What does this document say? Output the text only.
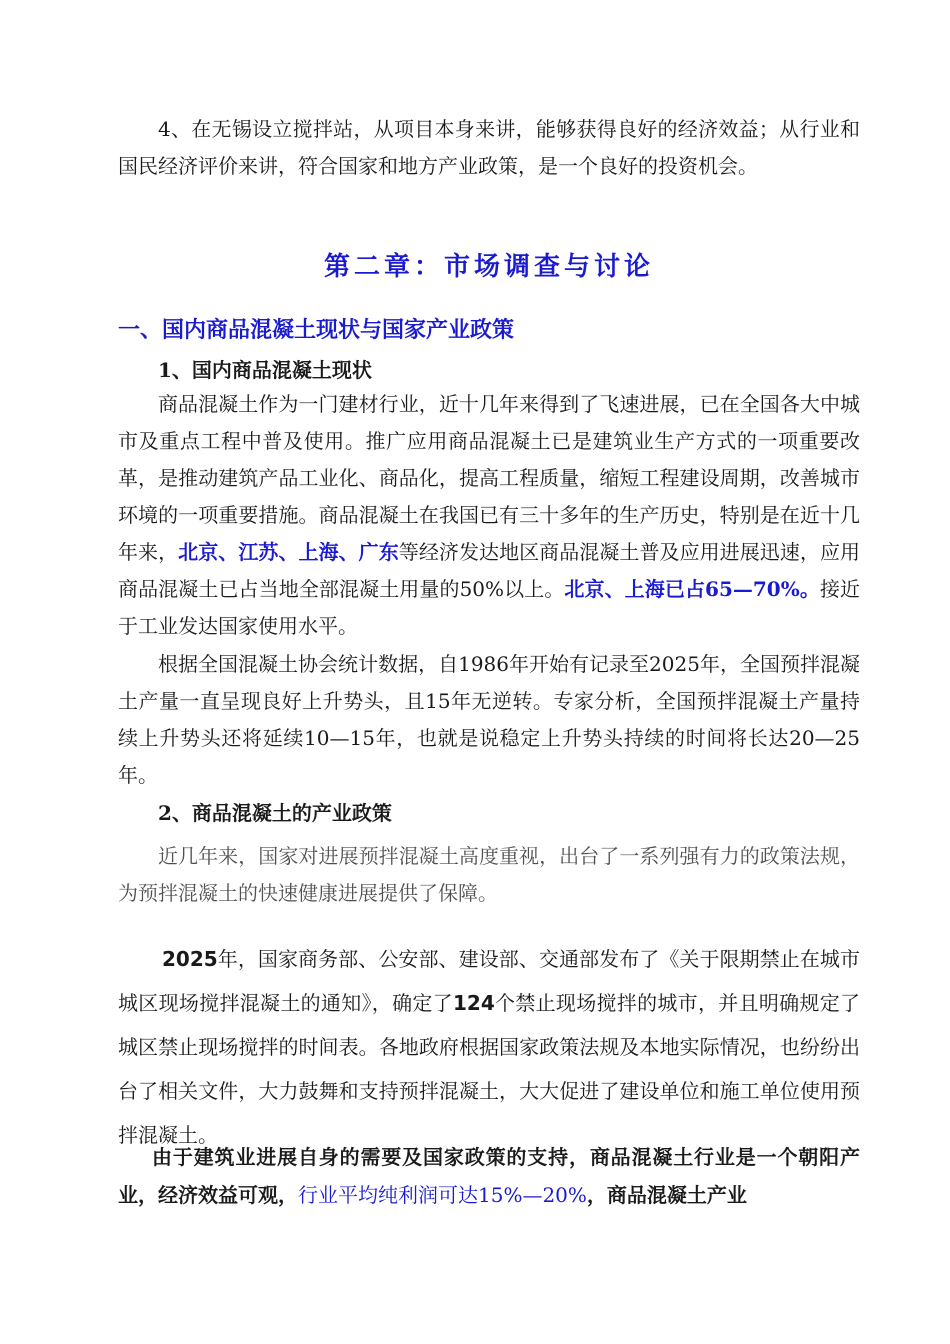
4、在无锡设立搅拌站，从项目本身来讲，能够获得良好的经济效益；从行业和国民经济评价来讲，符合国家和地方产业政策，是一个良好的投资机会。

第二章：市场调查与讨论
一、国内商品混凝土现状与国家产业政策
1、国内商品混凝土现状

商品混凝土作为一门建材行业，近十几年来得到了飞速进展，已在全国各大中城市及重点工程中普及使用。推广应用商品混凝土已是建筑业生产方式的一项重要改革，是推动建筑产品工业化、商品化，提高工程质量，缩短工程建设周期，改善城市环境的一项重要措施。商品混凝土在我国已有三十多年的生产历史，特别是在近十几年来，北京、江苏、上海、广东等经济发达地区商品混凝土普及应用进展迅速，应用商品混凝土已占当地全部混凝土用量的50%以上。北京、上海已占65—70%。接近于工业发达国家使用水平。

根据全国混凝土协会统计数据，自1986年开始有记录至2025年，全国预拌混凝土产量一直呈现良好上升势头，且15年无逆转。专家分析，全国预拌混凝土产量持续上升势头还将延续10—15年，也就是说稳定上升势头持续的时间将长达20—25年。

2、商品混凝土的产业政策

近几年来，国家对进展预拌混凝土高度重视，出台了一系列强有力的政策法规，为预拌混凝土的快速健康进展提供了保障。

2025年，国家商务部、公安部、建设部、交通部发布了《关于限期禁止在城市城区现场搅拌混凝土的通知》，确定了124个禁止现场搅拌的城市，并且明确规定了城区禁止现场搅拌的时间表。各地政府根据国家政策法规及本地实际情况，也纷纷出台了相关文件，大力鼓舞和支持预拌混凝土，大大促进了建设单位和施工单位使用预拌混凝土。

由于建筑业进展自身的需要及国家政策的支持，商品混凝土行业是一个朝阳产业，经济效益可观，行业平均纯利润可达15%—20%，商品混凝土产业
